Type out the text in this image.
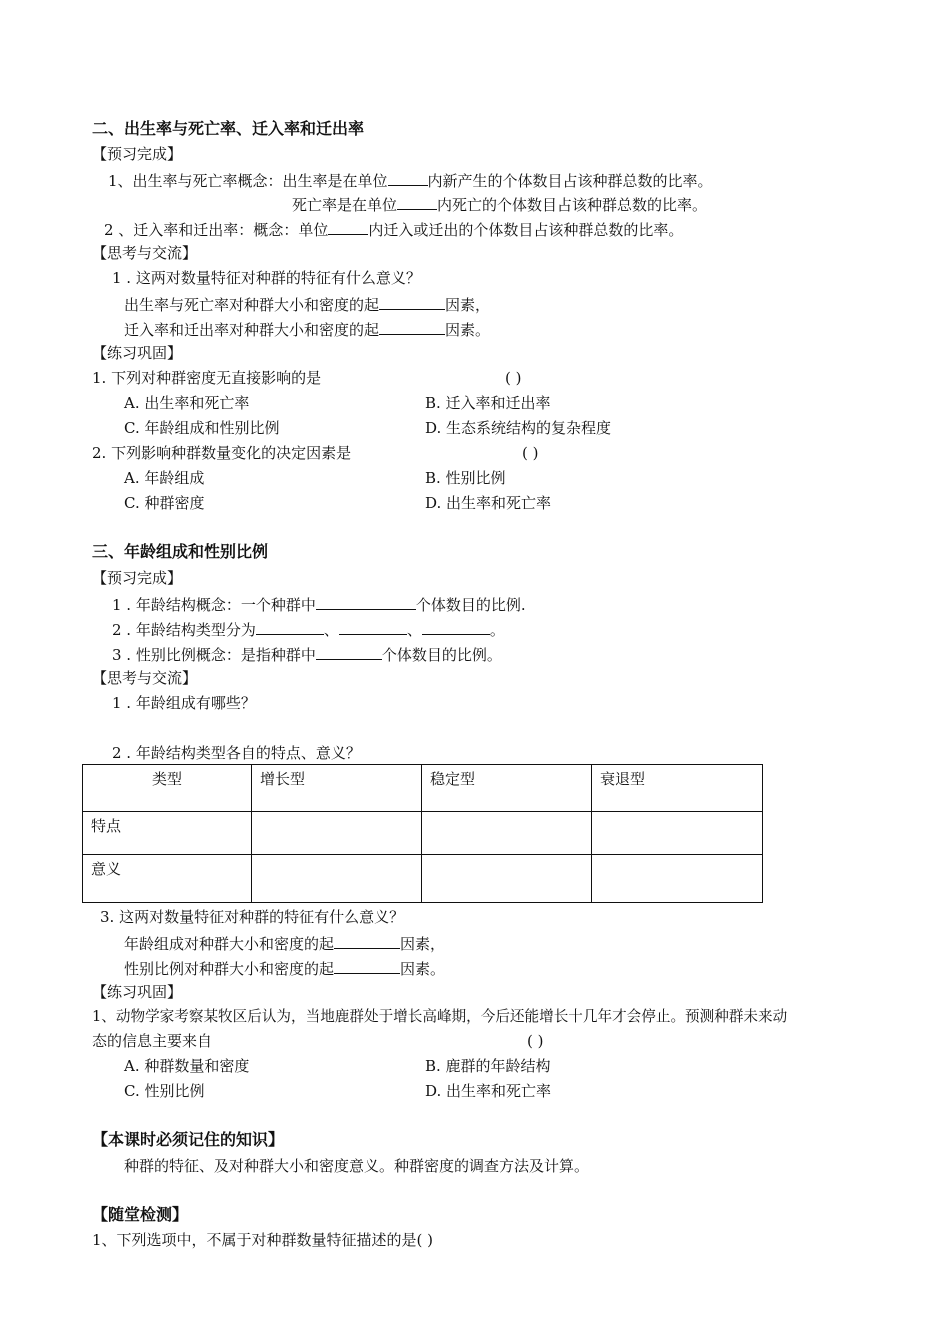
二、出生率与死亡率、迁入率和迁出率
【预习完成】
1、出生率与死亡率概念：出生率是在单位	内新产生的个体数目占该种群总数的比率。
死亡率是在单位	内死亡的个体数目占该种群总数的比率。
2 、迁入率和迁出率：概念：单位	内迁入或迁出的个体数目占该种群总数的比率。
【思考与交流】
1 . 这两对数量特征对种群的特征有什么意义？
出生率与死亡率对种群大小和密度的起	因素，
迁入率和迁出率对种群大小和密度的起	因素。
【练习巩固】
1. 下列对种群密度无直接影响的是	( )
A. 出生率和死亡率	B. 迁入率和迁出率
C. 年龄组成和性别比例	D. 生态系统结构的复杂程度
2. 下列影响种群数量变化的决定因素是	( )
A. 年龄组成	B. 性别比例
C. 种群密度	D. 出生率和死亡率
三、年龄组成和性别比例
【预习完成】
1 . 年龄结构概念：一个种群中	个体数目的比例.
2 . 年龄结构类型分为	、	、	。
3 . 性别比例概念：是指种群中	个体数目的比例。
【思考与交流】
1 . 年龄组成有哪些？
2 . 年龄结构类型各自的特点、意义？
类型	增长型	稳定型	衰退型
特点			
意义			
3. 这两对数量特征对种群的特征有什么意义？
年龄组成对种群大小和密度的起	因素，
性别比例对种群大小和密度的起	因素。
【练习巩固】
1、动物学家考察某牧区后认为，当地鹿群处于增长高峰期，今后还能增长十几年才会停止。预测种群未来动
态的信息主要来自	( )
A. 种群数量和密度	B. 鹿群的年龄结构
C. 性别比例	D. 出生率和死亡率
【本课时必须记住的知识】
种群的特征、及对种群大小和密度意义。种群密度的调查方法及计算。
【随堂检测】
1、下列选项中，不属于对种群数量特征描述的是( )
